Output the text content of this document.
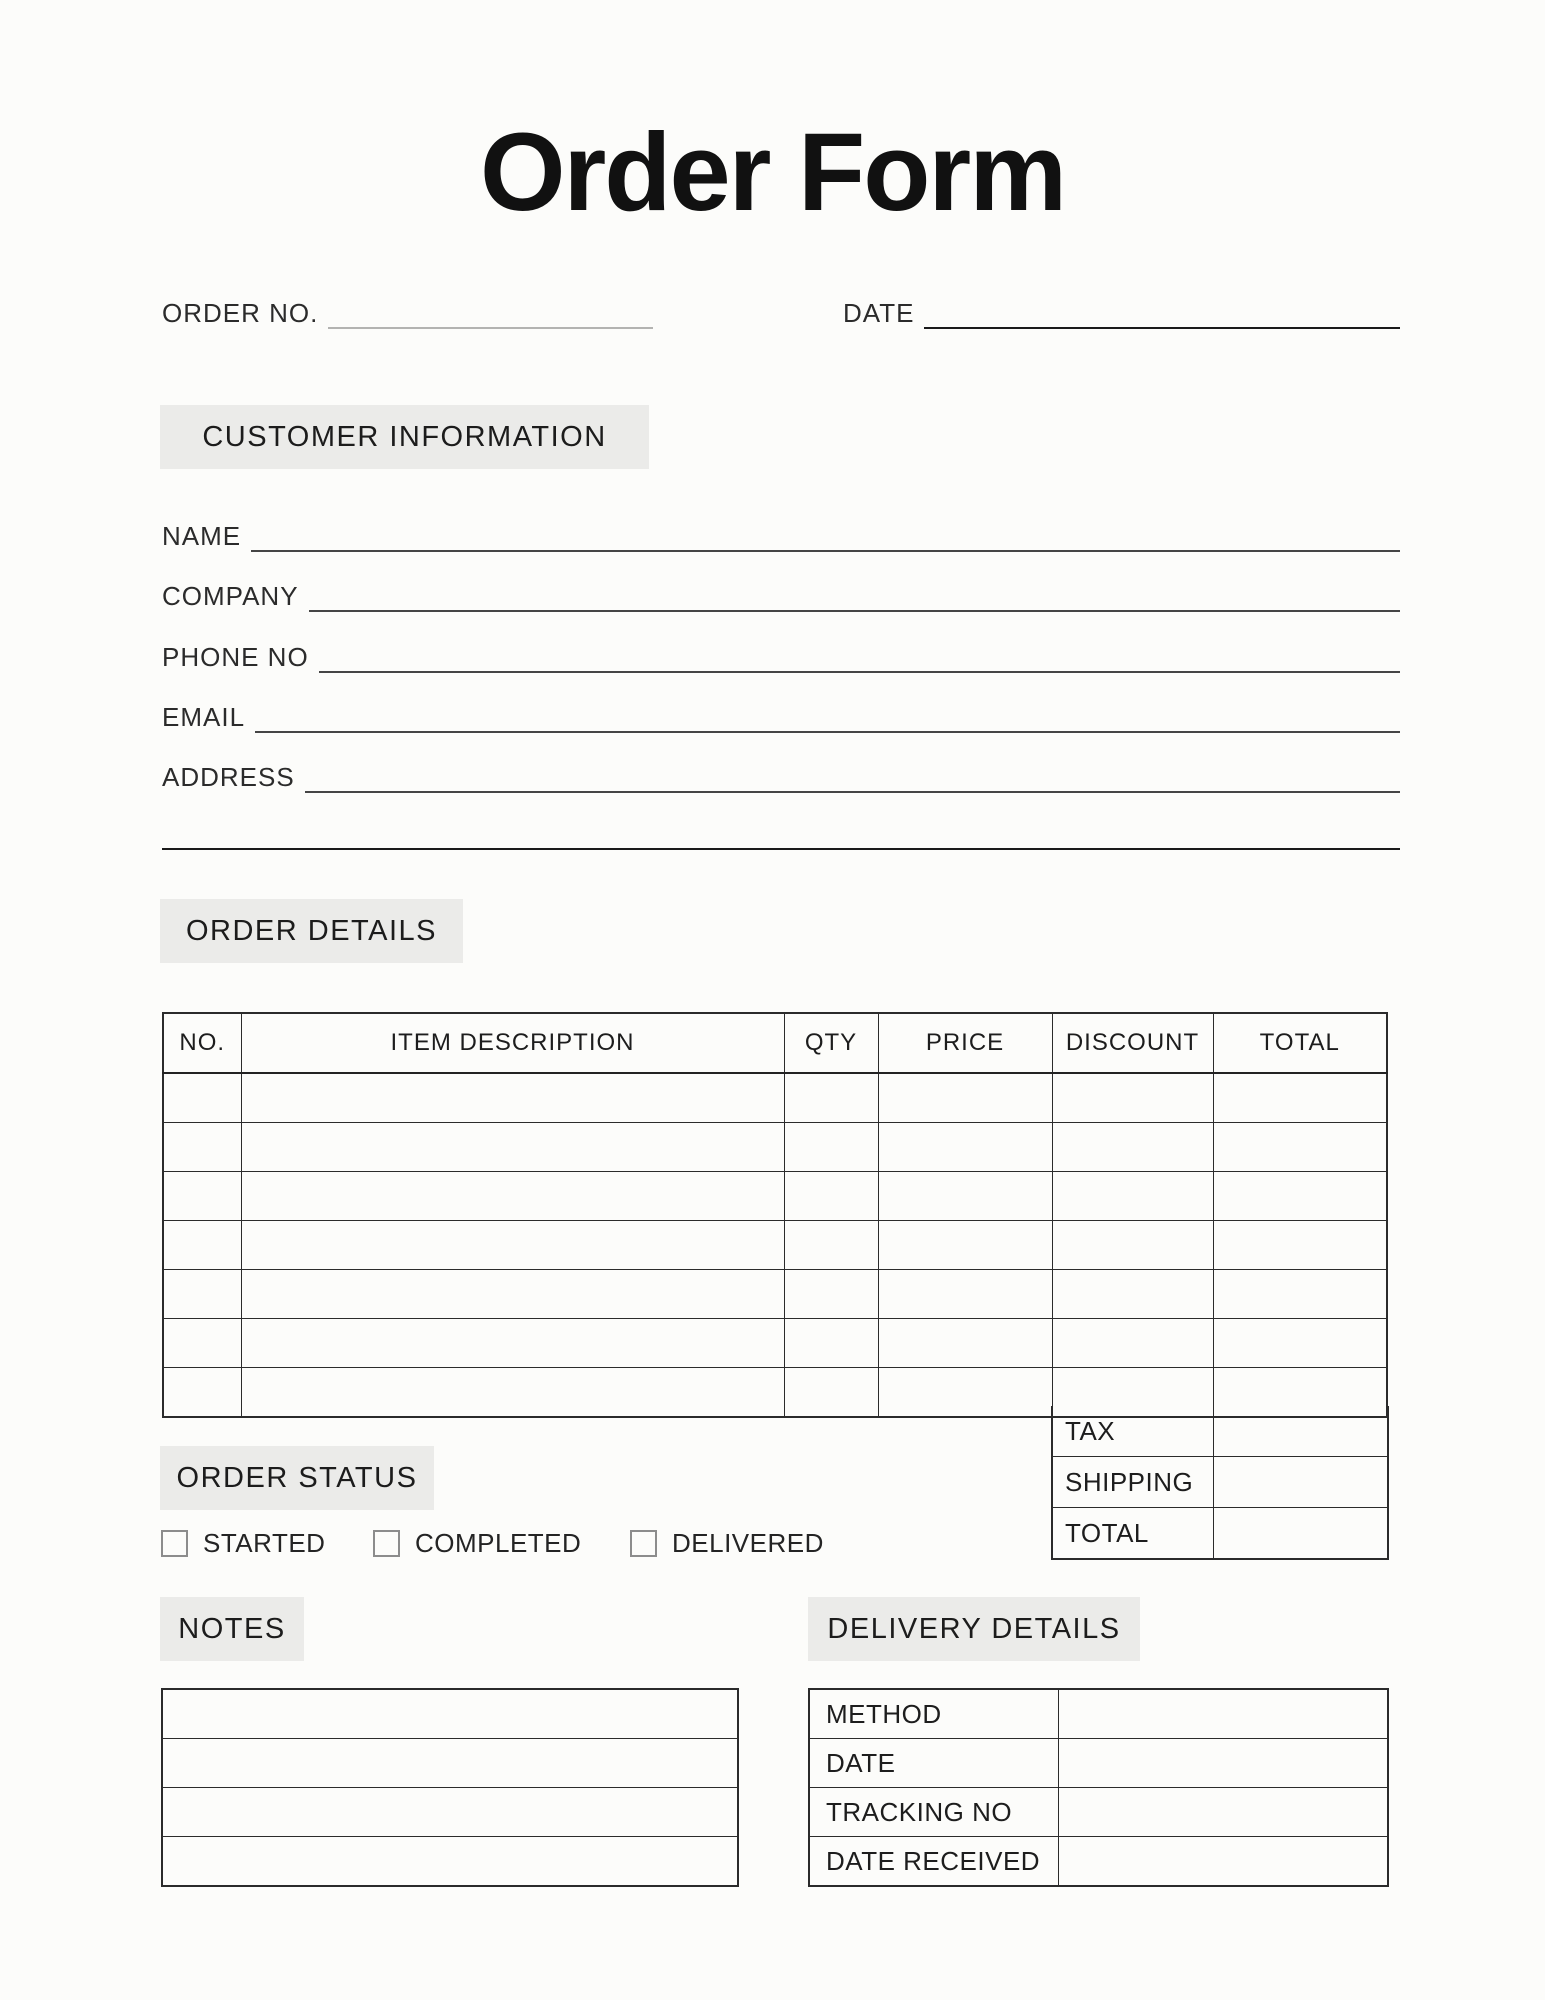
Order Form
ORDER NO.	DATE
CUSTOMER INFORMATION
NAME
COMPANY
PHONE NO
EMAIL
ADDRESS
ORDER DETAILS
NO.	ITEM DESCRIPTION	QTY	PRICE	DISCOUNT	TOTAL

TAX	
SHIPPING	
TOTAL	
ORDER STATUS
STARTED	COMPLETED	DELIVERED
NOTES	DELIVERY DETAILS
METHOD	
DATE	
TRACKING NO	
DATE RECEIVED	
